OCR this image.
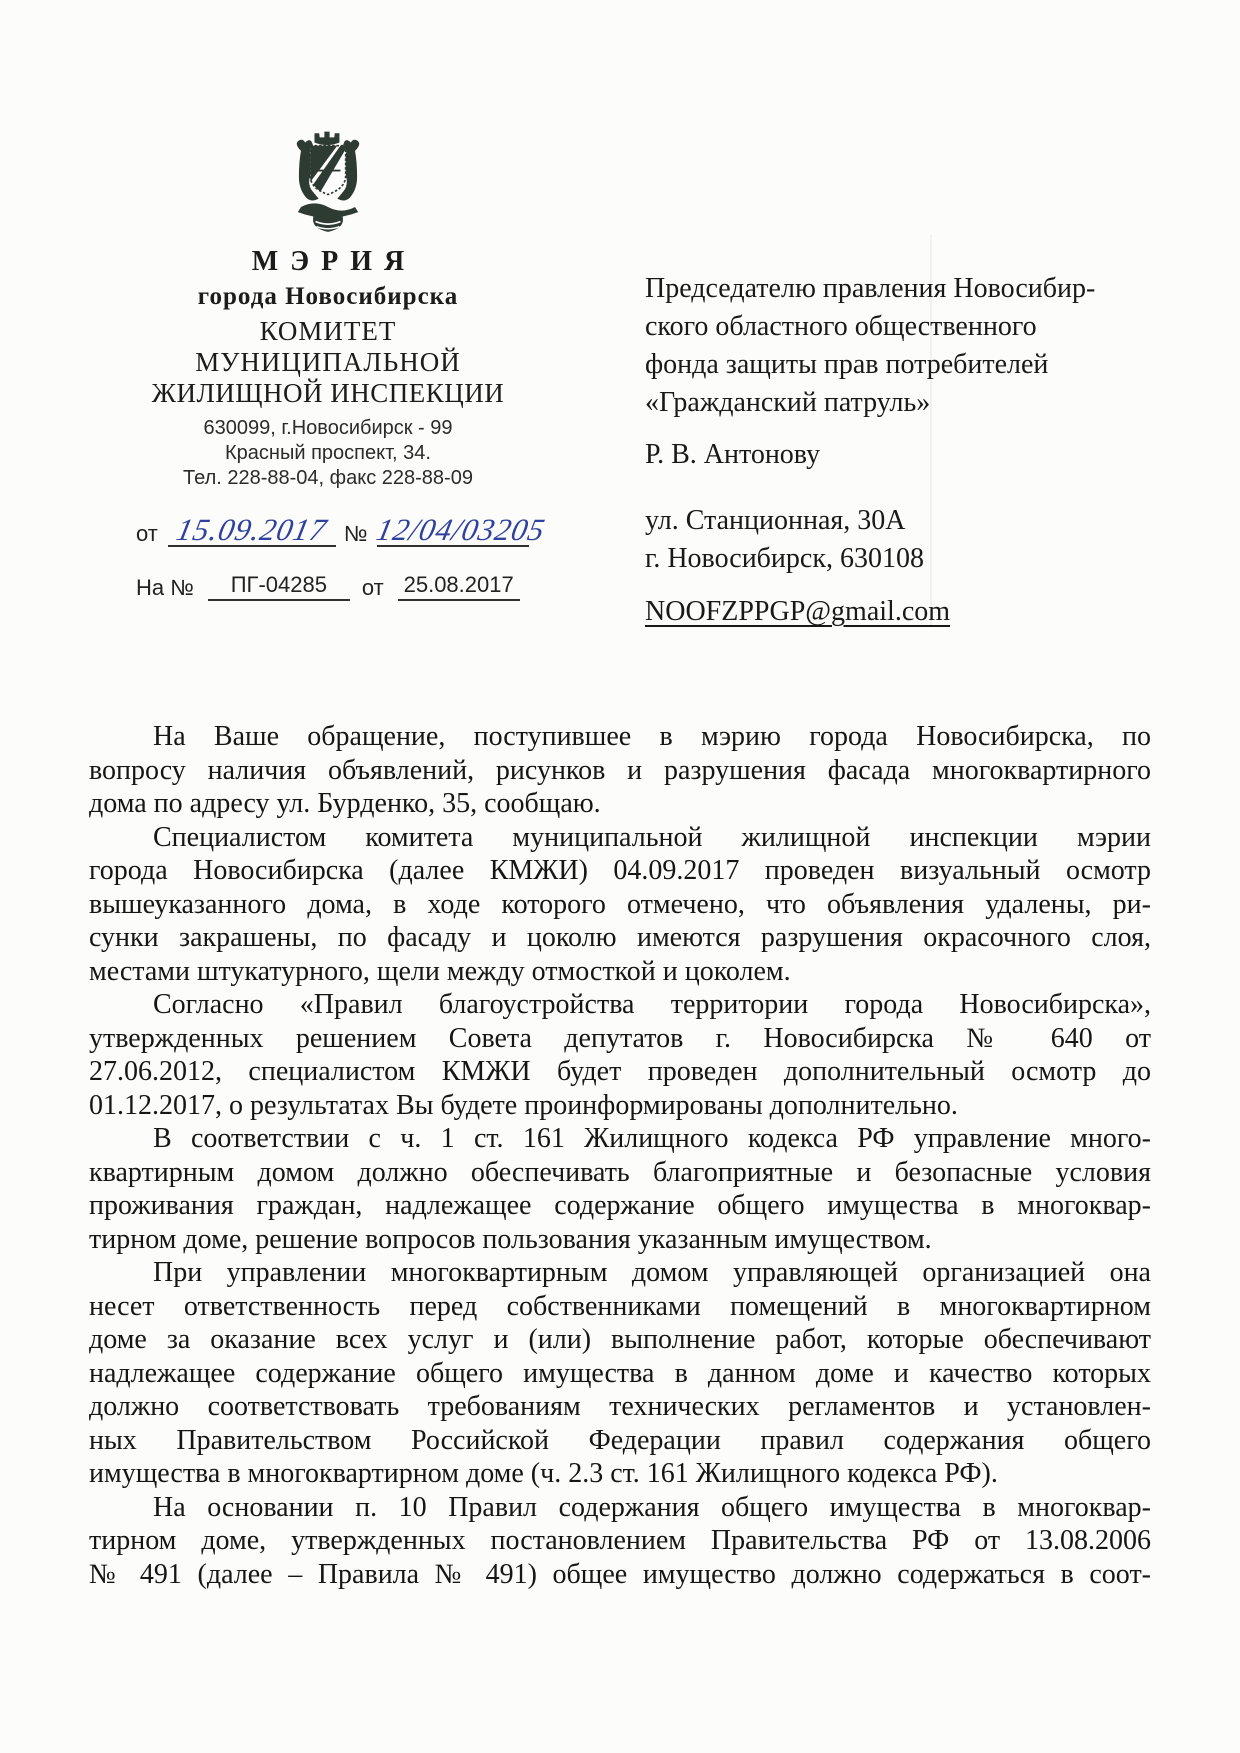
МЭРИЯ
города Новосибирска
КОМИТЕТ
МУНИЦИПАЛЬНОЙ
ЖИЛИЩНОЙ ИНСПЕКЦИИ
630099, г.Новосибирск - 99
Красный проспект, 34.
Тел. 228-88-04, факс 228-88-09
от 15.09.2017 № 12/04/03205
На №	ПГ-04285	от 25.08.2017
Председателю правления Новосибир-
ского областного общественного
фонда защиты прав потребителей
«Гражданский патруль»
Р. В. Антонову
ул. Станционная, 30А
г. Новосибирск, 630108
NOOFZPPGP@gmail.com
На Ваше обращение, поступившее в мэрию города Новосибирска, по
вопросу наличия объявлений, рисунков и разрушения фасада многоквартирного
дома по адресу ул. Бурденко, 35, сообщаю.
Специалистом комитета муниципальной жилищной инспекции мэрии
города Новосибирска (далее КМЖИ) 04.09.2017 проведен визуальный осмотр
вышеуказанного дома, в ходе которого отмечено, что объявления удалены, ри-
сунки закрашены, по фасаду и цоколю имеются разрушения окрасочного слоя,
местами штукатурного, щели между отмосткой и цоколем.
Согласно «Правил благоустройства территории города Новосибирска»,
утвержденных решением Совета депутатов г. Новосибирска № 640 от
27.06.2012, специалистом КМЖИ будет проведен дополнительный осмотр до
01.12.2017, о результатах Вы будете проинформированы дополнительно.
В соответствии с ч. 1 ст. 161 Жилищного кодекса РФ управление много-
квартирным домом должно обеспечивать благоприятные и безопасные условия
проживания граждан, надлежащее содержание общего имущества в многоквар-
тирном доме, решение вопросов пользования указанным имуществом.
При управлении многоквартирным домом управляющей организацией она
несет ответственность перед собственниками помещений в многоквартирном
доме за оказание всех услуг и (или) выполнение работ, которые обеспечивают
надлежащее содержание общего имущества в данном доме и качество которых
должно соответствовать требованиям технических регламентов и установлен-
ных Правительством Российской Федерации правил содержания общего
имущества в многоквартирном доме (ч. 2.3 ст. 161 Жилищного кодекса РФ).
На основании п. 10 Правил содержания общего имущества в многоквар-
тирном доме, утвержденных постановлением Правительства РФ от 13.08.2006
№ 491 (далее – Правила № 491) общее имущество должно содержаться в соот-
